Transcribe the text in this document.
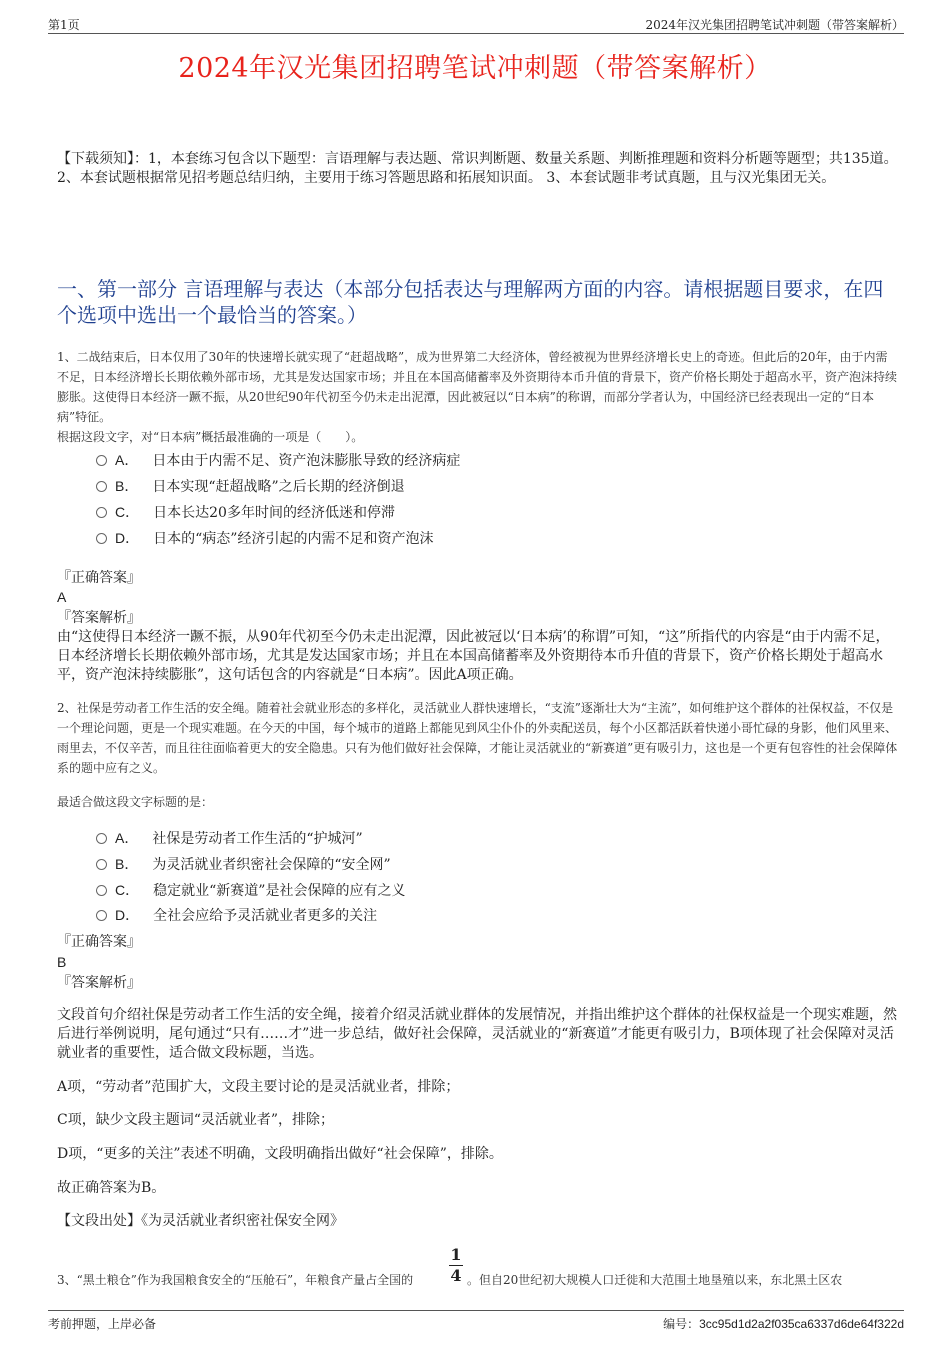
第1页	2024年汉光集团招聘笔试冲刺题（带答案解析）
2024年汉光集团招聘笔试冲刺题（带答案解析）
【下载须知】：1，本套练习包含以下题型：言语理解与表达题、常识判断题、数量关系题、判断推理题和资料分析题等题型；共135道。 2、本套试题根据常见招考题总结归纳，主要用于练习答题思路和拓展知识面。 3、本套试题非考试真题，且与汉光集团无关。
一、第一部分 言语理解与表达（本部分包括表达与理解两方面的内容。请根据题目要求，在四个选项中选出一个最恰当的答案。）
1、二战结束后，日本仅用了30年的快速增长就实现了“赶超战略”，成为世界第二大经济体，曾经被视为世界经济增长史上的奇迹。但此后的20年，由于内需不足，日本经济增长长期依赖外部市场，尤其是发达国家市场；并且在本国高储蓄率及外资期待本币升值的背景下，资产价格长期处于超高水平，资产泡沫持续膨胀。这使得日本经济一蹶不振，从20世纪90年代初至今仍未走出泥潭，因此被冠以“日本病”的称谓，而部分学者认为，中国经济已经表现出一定的“日本病”特征。
根据这段文字，对“日本病”概括最准确的一项是（　　）。
A． 日本由于内需不足、资产泡沫膨胀导致的经济病症
B． 日本实现“赶超战略”之后长期的经济倒退
C． 日本长达20多年时间的经济低迷和停滞
D． 日本的“病态”经济引起的内需不足和资产泡沫
『正确答案』
A
『答案解析』
由“这使得日本经济一蹶不振，从90年代初至今仍未走出泥潭，因此被冠以‘日本病’的称谓”可知，“这”所指代的内容是“由于内需不足，日本经济增长长期依赖外部市场，尤其是发达国家市场；并且在本国高储蓄率及外资期待本币升值的背景下，资产价格长期处于超高水平，资产泡沫持续膨胀”，这句话包含的内容就是“日本病”。因此A项正确。
2、社保是劳动者工作生活的安全绳。随着社会就业形态的多样化，灵活就业人群快速增长，“支流”逐渐壮大为“主流”，如何维护这个群体的社保权益，不仅是一个理论问题，更是一个现实难题。在今天的中国，每个城市的道路上都能见到风尘仆仆的外卖配送员，每个小区都活跃着快递小哥忙碌的身影，他们风里来、雨里去，不仅辛苦，而且往往面临着更大的安全隐患。只有为他们做好社会保障，才能让灵活就业的“新赛道”更有吸引力，这也是一个更有包容性的社会保障体系的题中应有之义。
最适合做这段文字标题的是：
A． 社保是劳动者工作生活的“护城河”
B． 为灵活就业者织密社会保障的“安全网”
C． 稳定就业“新赛道”是社会保障的应有之义
D． 全社会应给予灵活就业者更多的关注
『正确答案』
B
『答案解析』
文段首句介绍社保是劳动者工作生活的安全绳，接着介绍灵活就业群体的发展情况，并指出维护这个群体的社保权益是一个现实难题，然后进行举例说明，尾句通过“只有……才”进一步总结，做好社会保障，灵活就业的“新赛道”才能更有吸引力，B项体现了社会保障对灵活就业者的重要性，适合做文段标题，当选。
A项，“劳动者”范围扩大，文段主要讨论的是灵活就业者，排除；
C项，缺少文段主题词“灵活就业者”，排除；
D项，“更多的关注”表述不明确，文段明确指出做好“社会保障”，排除。
故正确答案为B。
【文段出处】《为灵活就业者织密社保安全网》
3、“黑土粮仓”作为我国粮食安全的“压舱石”，年粮食产量占全国的
1
4 。但自20世纪初大规模人口迁徙和大范围土地垦殖以来，东北黑土区农
考前押题，上岸必备	编号：3cc95d1d2a2f035ca6337d6de64f322d
